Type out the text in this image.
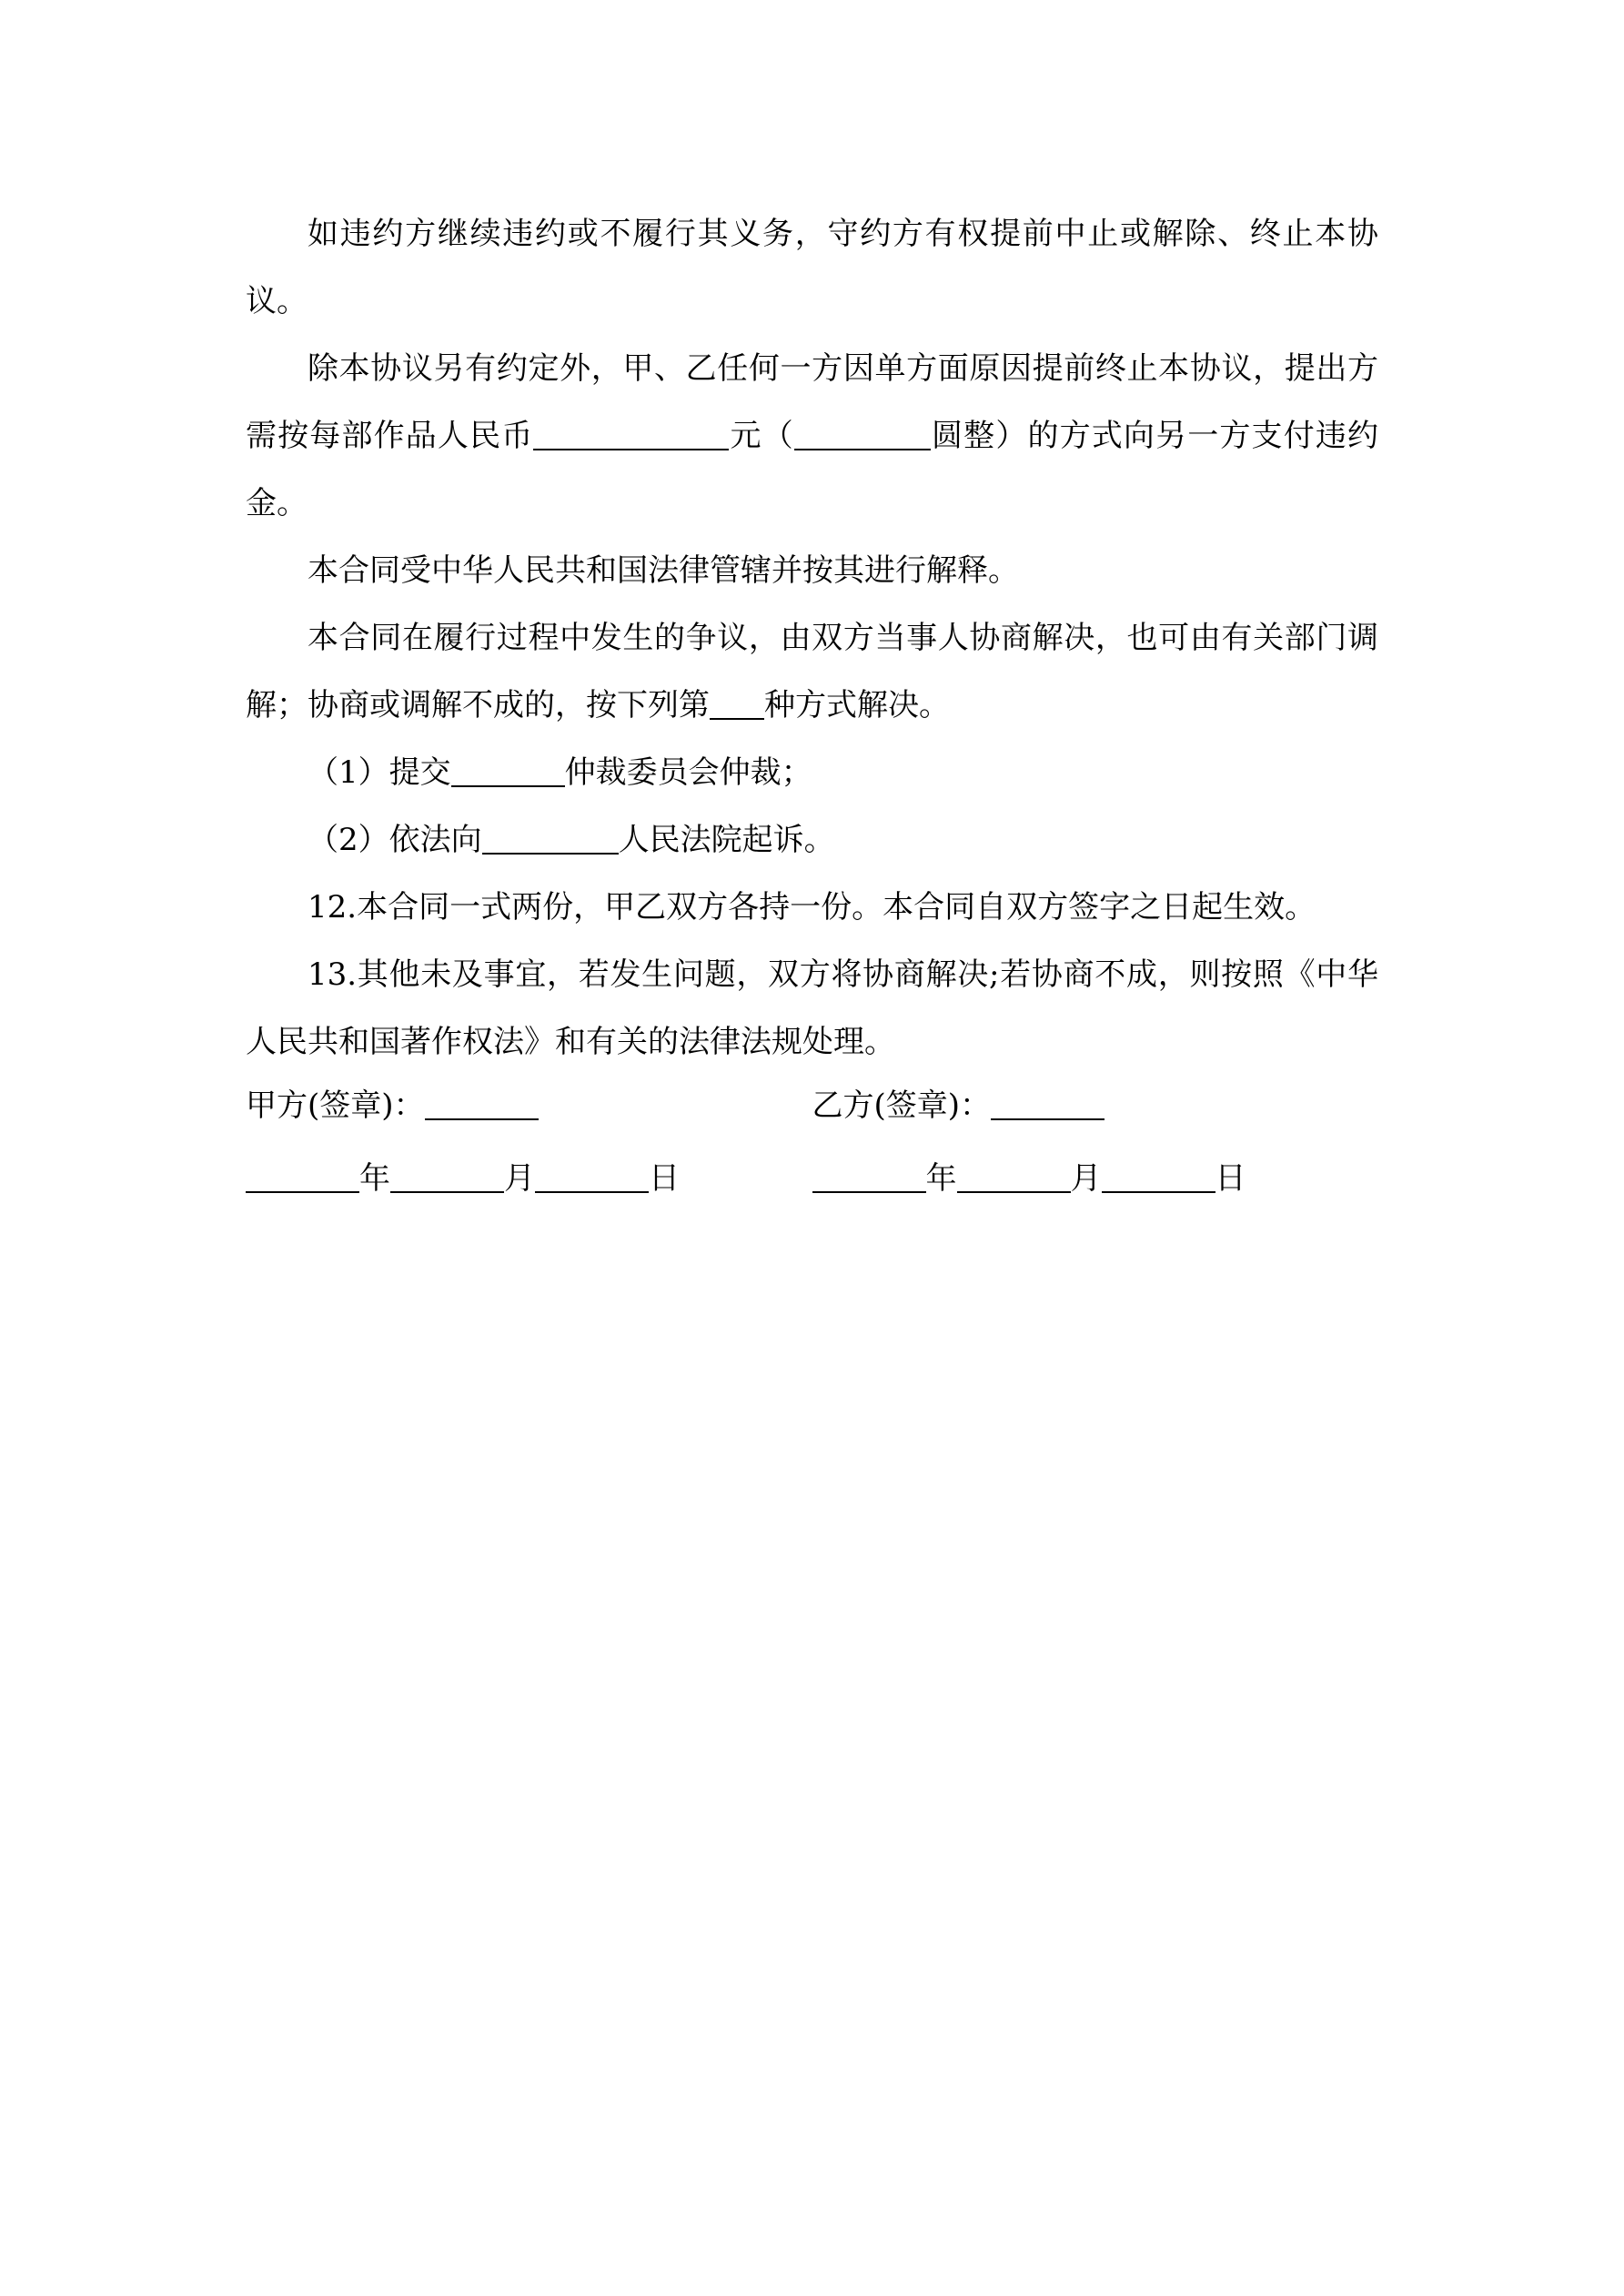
如违约方继续违约或不履行其义务，守约方有权提前中止或解除、终止本协议。

除本协议另有约定外，甲、乙任何一方因单方面原因提前终止本协议，提出方需按每部作品人民币	元（	圆整）的方式向另一方支付违约金。

本合同受中华人民共和国法律管辖并按其进行解释。

本合同在履行过程中发生的争议，由双方当事人协商解决，也可由有关部门调解；协商或调解不成的，按下列第 种方式解决。

（1）提交	仲裁委员会仲裁；

（2）依法向	人民法院起诉。

12.本合同一式两份，甲乙双方各持一份。本合同自双方签字之日起生效。

13.其他未及事宜，若发生问题，双方将协商解决;若协商不成，则按照《中华人民共和国著作权法》和有关的法律法规处理。

甲方(签章)：	乙方(签章)：
年	月	日	年	月	日
